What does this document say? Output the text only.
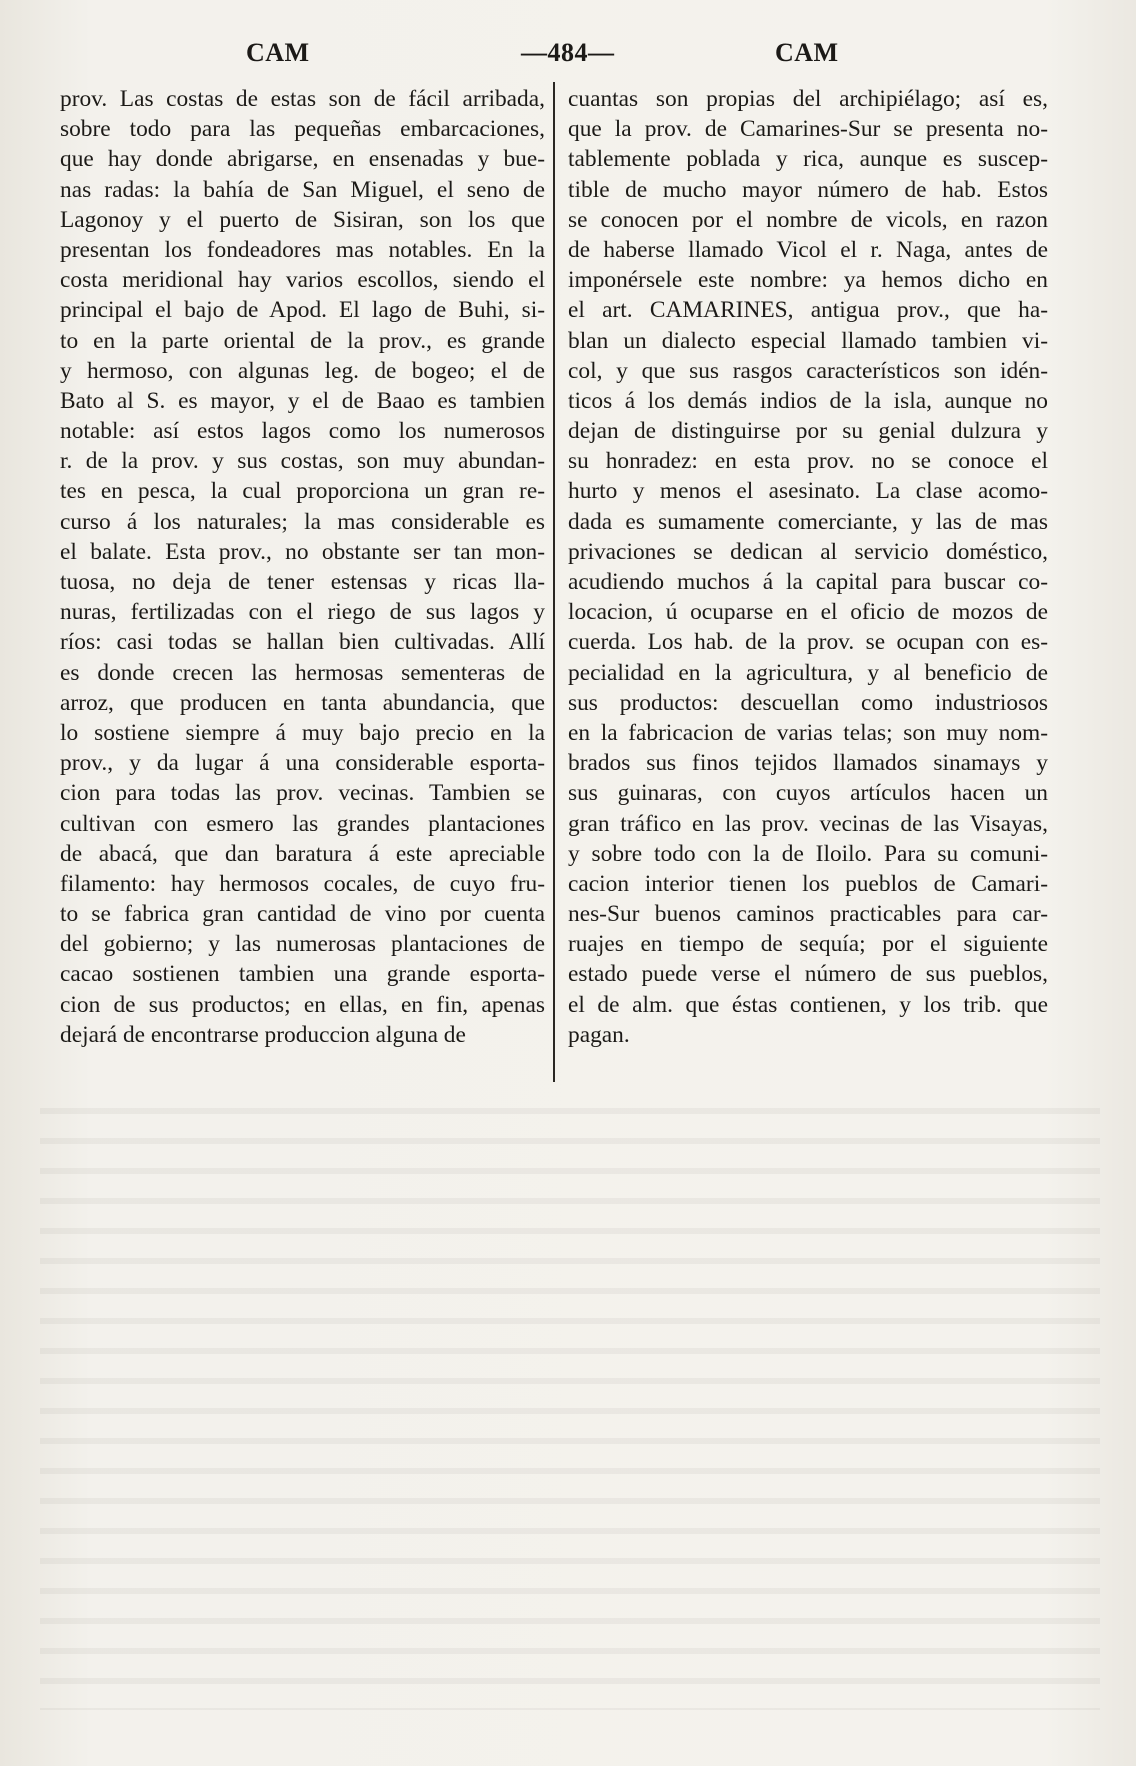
CAM	—484—	CAM
prov. Las costas de estas son de fácil arribada,
sobre todo para las pequeñas embarcaciones,
que hay donde abrigarse, en ensenadas y bue-
nas radas: la bahía de San Miguel, el seno de
Lagonoy y el puerto de Sisiran, son los que
presentan los fondeadores mas notables. En la
costa meridional hay varios escollos, siendo el
principal el bajo de Apod. El lago de Buhi, si-
to en la parte oriental de la prov., es grande
y hermoso, con algunas leg. de bogeo; el de
Bato al S. es mayor, y el de Baao es tambien
notable: así estos lagos como los numerosos
r. de la prov. y sus costas, son muy abundan-
tes en pesca, la cual proporciona un gran re-
curso á los naturales; la mas considerable es
el balate. Esta prov., no obstante ser tan mon-
tuosa, no deja de tener estensas y ricas lla-
nuras, fertilizadas con el riego de sus lagos y
ríos: casi todas se hallan bien cultivadas. Allí
es donde crecen las hermosas sementeras de
arroz, que producen en tanta abundancia, que
lo sostiene siempre á muy bajo precio en la
prov., y da lugar á una considerable esporta-
cion para todas las prov. vecinas. Tambien se
cultivan con esmero las grandes plantaciones
de abacá, que dan baratura á este apreciable
filamento: hay hermosos cocales, de cuyo fru-
to se fabrica gran cantidad de vino por cuenta
del gobierno; y las numerosas plantaciones de
cacao sostienen tambien una grande esporta-
cion de sus productos; en ellas, en fin, apenas
dejará de encontrarse produccion alguna de
cuantas son propias del archipiélago; así es,
que la prov. de Camarines-Sur se presenta no-
tablemente poblada y rica, aunque es suscep-
tible de mucho mayor número de hab. Estos
se conocen por el nombre de vicols, en razon
de haberse llamado Vicol el r. Naga, antes de
imponérsele este nombre: ya hemos dicho en
el art. CAMARINES, antigua prov., que ha-
blan un dialecto especial llamado tambien vi-
col, y que sus rasgos característicos son idén-
ticos á los demás indios de la isla, aunque no
dejan de distinguirse por su genial dulzura y
su honradez: en esta prov. no se conoce el
hurto y menos el asesinato. La clase acomo-
dada es sumamente comerciante, y las de mas
privaciones se dedican al servicio doméstico,
acudiendo muchos á la capital para buscar co-
locacion, ú ocuparse en el oficio de mozos de
cuerda. Los hab. de la prov. se ocupan con es-
pecialidad en la agricultura, y al beneficio de
sus productos: descuellan como industriosos
en la fabricacion de varias telas; son muy nom-
brados sus finos tejidos llamados sinamays y
sus guinaras, con cuyos artículos hacen un
gran tráfico en las prov. vecinas de las Visayas,
y sobre todo con la de Iloilo. Para su comuni-
cacion interior tienen los pueblos de Camari-
nes-Sur buenos caminos practicables para car-
ruajes en tiempo de sequía; por el siguiente
estado puede verse el número de sus pueblos,
el de alm. que éstas contienen, y los trib. que
pagan.
